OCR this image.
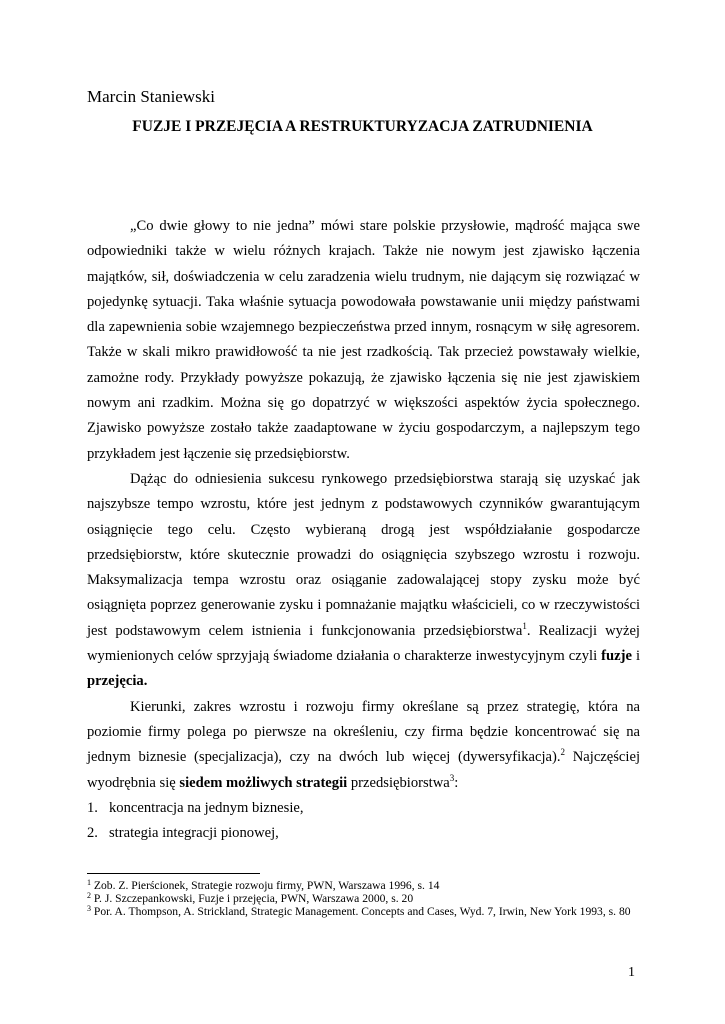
Marcin Staniewski
FUZJE I PRZEJĘCIA A RESTRUKTURYZACJA ZATRUDNIENIA

„Co dwie głowy to nie jedna” mówi stare polskie przysłowie, mądrość mająca swe odpowiedniki także w wielu różnych krajach. Także nie nowym jest zjawisko łączenia majątków, sił, doświadczenia w celu zaradzenia wielu trudnym, nie dającym się rozwiązać w pojedynkę sytuacji. Taka właśnie sytuacja powodowała powstawanie unii między państwami dla zapewnienia sobie wzajemnego bezpieczeństwa przed innym, rosnącym w siłę agresorem. Także w skali mikro prawidłowość ta nie jest rzadkością. Tak przecież powstawały wielkie, zamożne rody. Przykłady powyższe pokazują, że zjawisko łączenia się nie jest zjawiskiem nowym ani rzadkim. Można się go dopatrzyć w większości aspektów życia społecznego. Zjawisko powyższe zostało także zaadaptowane w życiu gospodarczym, a najlepszym tego przykładem jest łączenie się przedsiębiorstw.

Dążąc do odniesienia sukcesu rynkowego przedsiębiorstwa starają się uzyskać jak najszybsze tempo wzrostu, które jest jednym z podstawowych czynników gwarantującym osiągnięcie tego celu. Często wybieraną drogą jest współdziałanie gospodarcze przedsiębiorstw, które skutecznie prowadzi do osiągnięcia szybszego wzrostu i rozwoju. Maksymalizacja tempa wzrostu oraz osiąganie zadowalającej stopy zysku może być osiągnięta poprzez generowanie zysku i pomnażanie majątku właścicieli, co w rzeczywistości jest podstawowym celem istnienia i funkcjonowania przedsiębiorstwa$^1$. Realizacji wyżej wymienionych celów sprzyjają świadome działania o charakterze inwestycyjnym czyli fuzje i przejęcia.

Kierunki, zakres wzrostu i rozwoju firmy określane są przez strategię, która na poziomie firmy polega po pierwsze na określeniu, czy firma będzie koncentrować się na jednym biznesie (specjalizacja), czy na dwóch lub więcej (dywersyfikacja).$^2$ Najczęściej wyodrębnia się siedem możliwych strategii przedsiębiorstwa$^3$:

1. koncentracja na jednym biznesie,

2. strategia integracji pionowej,

$^1$ Zob. Z. Pierścionek, Strategie rozwoju firmy, PWN, Warszawa 1996, s. 14

$^2$ P. J. Szczepankowski, Fuzje i przejęcia, PWN, Warszawa 2000, s. 20

$^3$ Por. A. Thompson, A. Strickland, Strategic Management. Concepts and Cases, Wyd. 7, Irwin, New York 1993, s. 80

1
